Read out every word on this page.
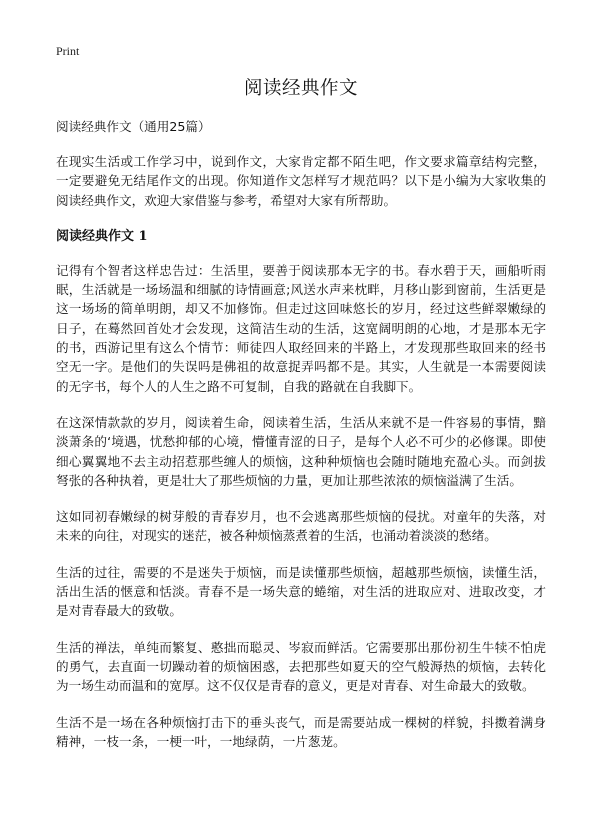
Print
阅读经典作文
阅读经典作文（通用25篇）

在现实生活或工作学习中，说到作文，大家肯定都不陌生吧，作文要求篇章结构完整，一定要避免无结尾作文的出现。你知道作文怎样写才规范吗？以下是小编为大家收集的阅读经典作文，欢迎大家借鉴与参考，希望对大家有所帮助。

阅读经典作文 1

记得有个智者这样忠告过：生活里，要善于阅读那本无字的书。春水碧于天，画船听雨眠，生活就是一场场温和细腻的诗情画意;风送水声来枕畔，月移山影到窗前，生活更是这一场场的简单明朗，却又不加修饰。但走过这回味悠长的岁月，经过这些鲜翠嫩绿的日子，在蓦然回首处才会发现，这简洁生动的生活，这宽阔明朗的心地，才是那本无字的书，西游记里有这么个情节：师徒四人取经回来的半路上，才发现那些取回来的经书空无一字。是他们的失误吗是佛祖的故意捉弄吗都不是。其实，人生就是一本需要阅读的无字书，每个人的人生之路不可复制，自我的路就在自我脚下。

在这深情款款的岁月，阅读着生命，阅读着生活，生活从来就不是一件容易的事情，黯淡萧条的‘境遇，忧愁抑郁的心境，懵懂青涩的日子，是每个人必不可少的必修课。即使细心翼翼地不去主动招惹那些缠人的烦恼，这种种烦恼也会随时随地充盈心头。而剑拔弩张的各种执着，更是壮大了那些烦恼的力量，更加让那些浓浓的烦恼溢满了生活。

这如同初春嫩绿的树芽般的青春岁月，也不会逃离那些烦恼的侵扰。对童年的失落，对未来的向往，对现实的迷茫，被各种烦恼蒸煮着的生活，也涌动着淡淡的愁绪。

生活的过往，需要的不是迷失于烦恼，而是读懂那些烦恼，超越那些烦恼，读懂生活，活出生活的惬意和恬淡。青春不是一场失意的蜷缩，对生活的进取应对、进取改变，才是对青春最大的致敬。

生活的禅法，单纯而繁复、憨拙而聪灵、岑寂而鲜活。它需要那出那份初生牛犊不怕虎的勇气，去直面一切躁动着的烦恼困惑，去把那些如夏天的空气般溽热的烦恼，去转化为一场生动而温和的宽厚。这不仅仅是青春的意义，更是对青春、对生命最大的致敬。

生活不是一场在各种烦恼打击下的垂头丧气，而是需要站成一棵树的样貌，抖擞着满身精神，一枝一条，一梗一叶，一地绿荫，一片葱茏。
